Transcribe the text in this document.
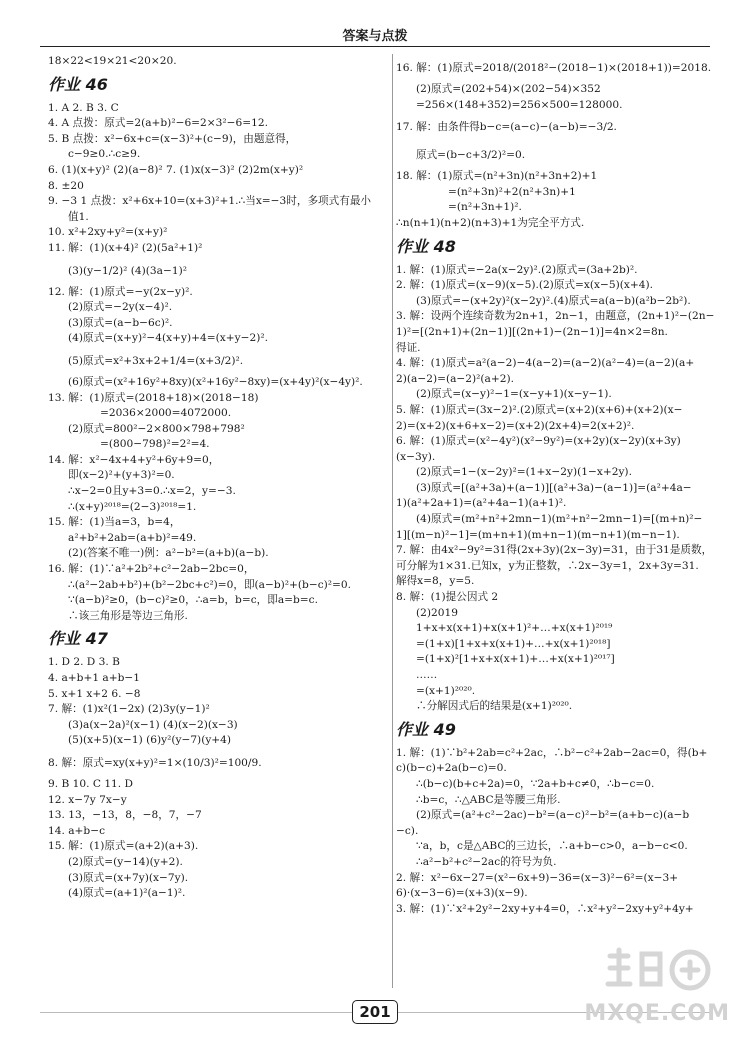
答案与点拨
18×22<19×21<20×20.
作业 46
1. A 2. B 3. C
4. A 点拨：原式=2(a+b)²−6=2×3²−6=12.
5. B 点拨：x²−6x+c=(x−3)²+(c−9)，由题意得，
c−9≥0.∴c≥9.
6. (1)(x+y)² (2)(a−8)² 7. (1)x(x−3)² (2)2m(x+y)²
8. ±20
9. −3 1 点拨：x²+6x+10=(x+3)²+1.∴当x=−3时，多项式有最小
值1.
10. x²+2xy+y²=(x+y)²
11. 解：(1)(x+4)² (2)(5a²+1)²
(3)(y−1/2)² (4)(3a−1)²
12. 解：(1)原式=−y(2x−y)².
(2)原式=−2y(x−4)².
(3)原式=(a−b−6c)².
(4)原式=(x+y)²−4(x+y)+4=(x+y−2)².
(5)原式=x²+3x+2+1/4=(x+3/2)².
(6)原式=(x²+16y²+8xy)(x²+16y²−8xy)=(x+4y)²(x−4y)².
13. 解：(1)原式=(2018+18)×(2018−18)
=2036×2000=4072000.
(2)原式=800²−2×800×798+798²
=(800−798)²=2²=4.
14. 解：x²−4x+4+y²+6y+9=0，
即(x−2)²+(y+3)²=0.
∴x−2=0且y+3=0.∴x=2，y=−3.
∴(x+y)²⁰¹⁸=(2−3)²⁰¹⁸=1.
15. 解：(1)当a=3，b=4，
a²+b²+2ab=(a+b)²=49.
(2)(答案不唯一)例：a²−b²=(a+b)(a−b).
16. 解：(1)∵a²+2b²+c²−2ab−2bc=0，
∴(a²−2ab+b²)+(b²−2bc+c²)=0，即(a−b)²+(b−c)²=0.
∵(a−b)²≥0，(b−c)²≥0，∴a=b，b=c，即a=b=c.
∴该三角形是等边三角形.
作业 47
1. D 2. D 3. B
4. a+b+1 a+b−1
5. x+1 x+2 6. −8
7. 解：(1)x²(1−2x) (2)3y(y−1)²
(3)a(x−2a)²(x−1) (4)(x−2)(x−3)
(5)(x+5)(x−1) (6)y²(y−7)(y+4)
8. 解：原式=xy(x+y)²=1×(10/3)²=100/9.
9. B 10. C 11. D
12. x−7y 7x−y
13. 13，−13，8，−8，7，−7
14. a+b−c
15. 解：(1)原式=(a+2)(a+3).
(2)原式=(y−14)(y+2).
(3)原式=(x+7y)(x−7y).
(4)原式=(a+1)²(a−1)².
16. 解：(1)原式=2018/(2018²−(2018−1)×(2018+1))=2018.
(2)原式=(202+54)×(202−54)×352
=256×(148+352)=256×500=128000.
17. 解：由条件得b−c=(a−c)−(a−b)=−3/2.
原式=(b−c+3/2)²=0.
18. 解：(1)原式=(n²+3n)(n²+3n+2)+1
=(n²+3n)²+2(n²+3n)+1
=(n²+3n+1)².
∴n(n+1)(n+2)(n+3)+1为完全平方式.
作业 48
1. 解：(1)原式=−2a(x−2y)².(2)原式=(3a+2b)².
2. 解：(1)原式=(x−9)(x−5).(2)原式=x(x−5)(x+4).
(3)原式=−(x+2y)²(x−2y)².(4)原式=a(a−b)(a²b−2b²).
3. 解：设两个连续奇数为2n+1，2n−1，由题意，(2n+1)²−(2n−
1)²=[(2n+1)+(2n−1)][(2n+1)−(2n−1)]=4n×2=8n.
得证.
4. 解：(1)原式=a²(a−2)−4(a−2)=(a−2)(a²−4)=(a−2)(a+
2)(a−2)=(a−2)²(a+2).
(2)原式=(x−y)²−1=(x−y+1)(x−y−1).
5. 解：(1)原式=(3x−2)².(2)原式=(x+2)(x+6)+(x+2)(x−
2)=(x+2)(x+6+x−2)=(x+2)(2x+4)=2(x+2)².
6. 解：(1)原式=(x²−4y²)(x²−9y²)=(x+2y)(x−2y)(x+3y)
(x−3y).
(2)原式=1−(x−2y)²=(1+x−2y)(1−x+2y).
(3)原式=[(a²+3a)+(a−1)][(a²+3a)−(a−1)]=(a²+4a−
1)(a²+2a+1)=(a²+4a−1)(a+1)².
(4)原式=(m²+n²+2mn−1)(m²+n²−2mn−1)=[(m+n)²−
1][(m−n)²−1]=(m+n+1)(m+n−1)(m−n+1)(m−n−1).
7. 解：由4x²−9y²=31得(2x+3y)(2x−3y)=31，由于31是质数，
可分解为1×31.已知x，y为正整数，∴2x−3y=1，2x+3y=31.
解得x=8，y=5.
8. 解：(1)提公因式 2
(2)2019
1+x+x(x+1)+x(x+1)²+…+x(x+1)²⁰¹⁹
=(1+x)[1+x+x(x+1)+…+x(x+1)²⁰¹⁸]
=(1+x)²[1+x+x(x+1)+…+x(x+1)²⁰¹⁷]
……
=(x+1)²⁰²⁰.
∴分解因式后的结果是(x+1)²⁰²⁰.
作业 49
1. 解：(1)∵b²+2ab=c²+2ac，∴b²−c²+2ab−2ac=0，得(b+
c)(b−c)+2a(b−c)=0.
∴(b−c)(b+c+2a)=0，∵2a+b+c≠0，∴b−c=0.
∴b=c，∴△ABC是等腰三角形.
(2)原式=(a²+c²−2ac)−b²=(a−c)²−b²=(a+b−c)(a−b
−c).
∵a，b，c是△ABC的三边长，∴a+b−c>0，a−b−c<0.
∴a²−b²+c²−2ac的符号为负.
2. 解：x²−6x−27=(x²−6x+9)−36=(x−3)²−6²=(x−3+
6)·(x−3−6)=(x+3)(x−9).
3. 解：(1)∵x²+2y²−2xy+y+4=0，∴x²+y²−2xy+y²+4y+
201	MXQE.COM
